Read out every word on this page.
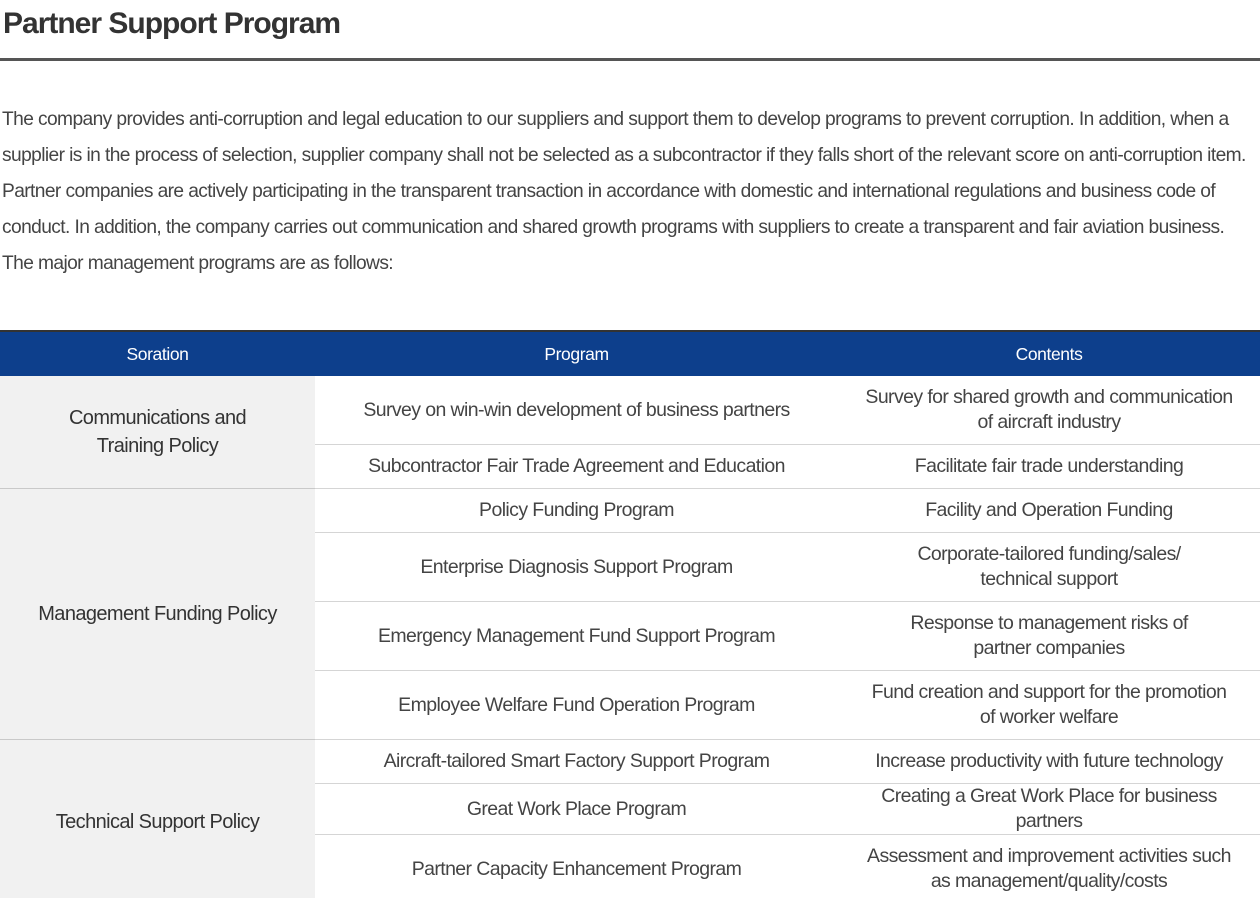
Partner Support Program

The company provides anti-corruption and legal education to our suppliers and support them to develop programs to prevent corruption. In addition, when a supplier is in the process of selection, supplier company shall not be selected as a subcontractor if they falls short of the relevant score on anti-corruption item. Partner companies are actively participating in the transparent transaction in accordance with domestic and international regulations and business code of conduct. In addition, the company carries out communication and shared growth programs with suppliers to create a transparent and fair aviation business. The major management programs are as follows:

Soration	Program	Contents
Communications and
Training Policy	Survey on win-win development of business partners	Survey for shared growth and communication
of aircraft industry
	Subcontractor Fair Trade Agreement and Education	Facilitate fair trade understanding
Management Funding Policy	Policy Funding Program	Facility and Operation Funding
	Enterprise Diagnosis Support Program	Corporate-tailored funding/sales/
technical support
	Emergency Management Fund Support Program	Response to management risks of
partner companies
	Employee Welfare Fund Operation Program	Fund creation and support for the promotion
of worker welfare
Technical Support Policy	Aircraft-tailored Smart Factory Support Program	Increase productivity with future technology
	Great Work Place Program	Creating a Great Work Place for business partners
	Partner Capacity Enhancement Program	Assessment and improvement activities such
as management/quality/costs
